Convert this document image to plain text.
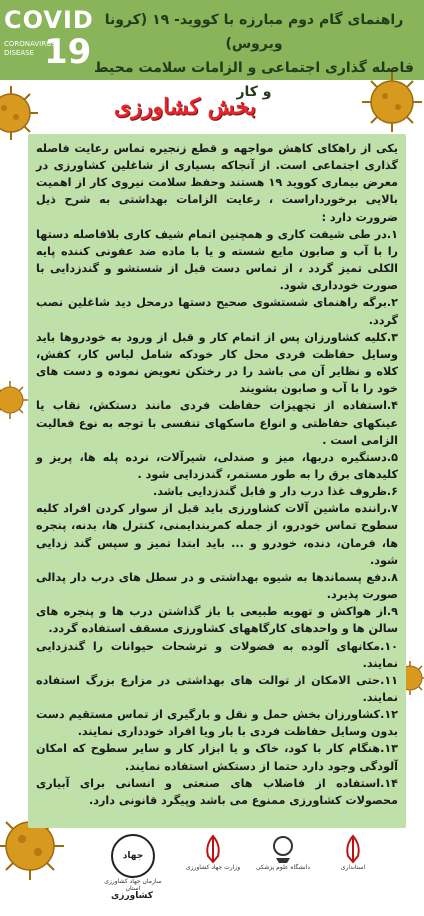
COVID
CORONAVIRUS DISEASE 19
راهنمای گام دوم مبارزه با کووید- ۱۹ (کرونا ویروس)
فاصله گذاری اجتماعی و الزامات سلامت محیط و کار
بخش کشاورزی

یکی از راهکای کاهش مواجهه و قطع زنجیره تماس رعایت فاصله گذاری اجتماعی است. از آنجاکه بسیاری از شاغلین کشاورزی در معرض بیماری کووید ۱۹ هستند وحفظ سلامت نیروی کار از اهمیت بالایی برخورداراست ، رعایت الزامات بهداشتی به شرح ذیل ضرورت دارد :

۱.در طی شیفت کاری و همچنین اتمام شیف کاری بلافاصله دستها را با آب و صابون مایع شسته و یا با ماده ضد عفونی کننده پایه الکلی تمیز گردد ، از تماس دست قبل از شستشو و گندزدایی با صورت خودداری شود.

۲.برگه راهنمای شستشوی صحیح دستها درمحل دید شاغلین نصب گردد.

۳.کلیه کشاورزان پس از اتمام کار و قبل از ورود به خودروها باید وسایل حفاظت فردی محل کار خودکه شامل لباس کار، کفش، کلاه و نظایر آن می باشد را در رختکن تعویض نموده و دست های خود را با آب و صابون بشویند

۴.استفاده از تجهیزات حفاظت فردی مانند دستکش، نقاب یا عینکهای حفاظتی و انواع ماسکهای تنفسی با توجه به نوع فعالیت الزامی است .

۵.دستگیره دربها، میز و صندلی، شیرآلات، نرده پله ها، پریز و کلیدهای برق را به طور مستمر، گندزدایی شود .

۶.ظروف غذا درب دار و قابل گندزدایی باشد.

۷.راننده ماشین آلات کشاورزی باید قبل از سوار کردن افراد کلیه سطوح تماس خودرو، از جمله کمربندایمنی، کنترل ها، بدنه، پنجره ها، فرمان، دنده، خودرو و ... باید ابتدا تمیز و سپس گند زدایی شود.

۸.دفع پسماندها به شیوه بهداشتی و در سطل های درب دار پدالی صورت پذیرد.

۹.از هواکش و تهویه طبیعی با باز گذاشتن درب ها و پنجره های سالن ها و واحدهای کارگاههای کشاورزی مسقف استفاده گردد.

۱۰.مکانهای آلوده به فضولات و ترشحات حیوانات را گندزدایی نمایند.

۱۱.حتی الامکان از توالت های بهداشتی در مزارع بزرگ استفاده نمایند.

۱۲.کشاورزان بخش حمل و نقل و بارگیری از تماس مستقیم دست بدون وسایل حفاظت فردی با بار ویا افراد خودداری نمایند.

۱۳.هنگام کار با کود، خاک و یا ابزار کار و سایر سطوح که امکان آلودگی وجود دارد حتما از دستکش استفاده نمایند.

۱۴.استفاده از فاضلاب های صنعتی و انسانی برای آبیاری محصولات کشاورزی ممنوع می باشد وپیگرد قانونی دارد.

جهاد کشاورزی
سازمان جهاد کشاورزی استان
وزارت جهاد کشاورزی	دانشگاه علوم پزشکی	استانداری
